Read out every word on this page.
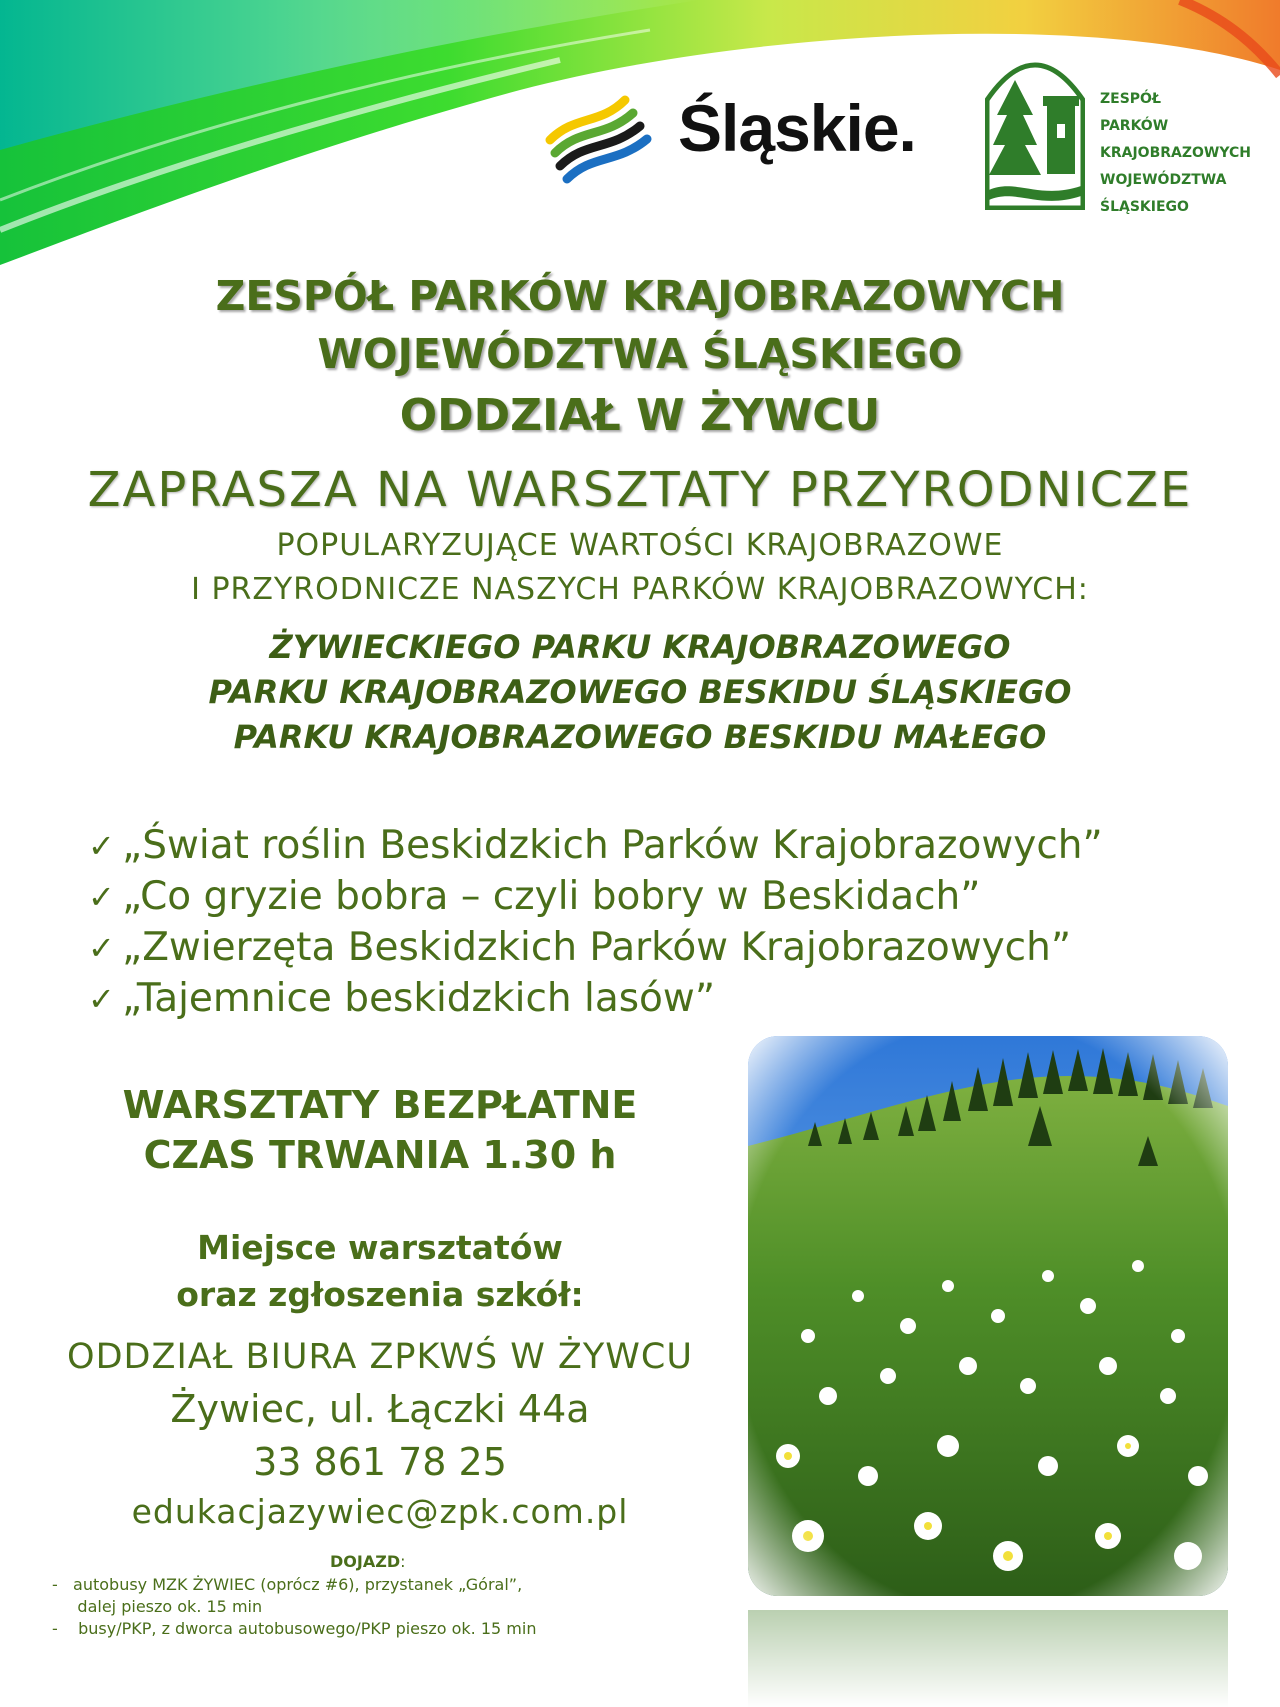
Śląskie.	ZESPÓŁ
PARKÓW
KRAJOBRAZOWYCH
WOJEWÓDZTWA
ŚLĄSKIEGO
ZESPÓŁ PARKÓW KRAJOBRAZOWYCH
WOJEWÓDZTWA ŚLĄSKIEGO
ODDZIAŁ W ŻYWCU
ZAPRASZA NA WARSZTATY PRZYRODNICZE
POPULARYZUJĄCE WARTOŚCI KRAJOBRAZOWE
I PRZYRODNICZE NASZYCH PARKÓW KRAJOBRAZOWYCH:
ŻYWIECKIEGO PARKU KRAJOBRAZOWEGO
PARKU KRAJOBRAZOWEGO BESKIDU ŚLĄSKIEGO
PARKU KRAJOBRAZOWEGO BESKIDU MAŁEGO
✓ „Świat roślin Beskidzkich Parków Krajobrazowych”
✓ „Co gryzie bobra – czyli bobry w Beskidach”
✓ „Zwierzęta Beskidzkich Parków Krajobrazowych”
✓ „Tajemnice beskidzkich lasów”
WARSZTATY BEZPŁATNE
CZAS TRWANIA 1.30 h
Miejsce warsztatów
oraz zgłoszenia szkół:
ODDZIAŁ BIURA ZPKWŚ W ŻYWCU
Żywiec, ul. Łączki 44a
33 861 78 25
edukacjazywiec@zpk.com.pl
DOJAZD:
-   autobusy MZK ŻYWIEC (oprócz #6), przystanek „Góral”,
dalej pieszo ok. 15 min
-    busy/PKP, z dworca autobusowego/PKP pieszo ok. 15 min
